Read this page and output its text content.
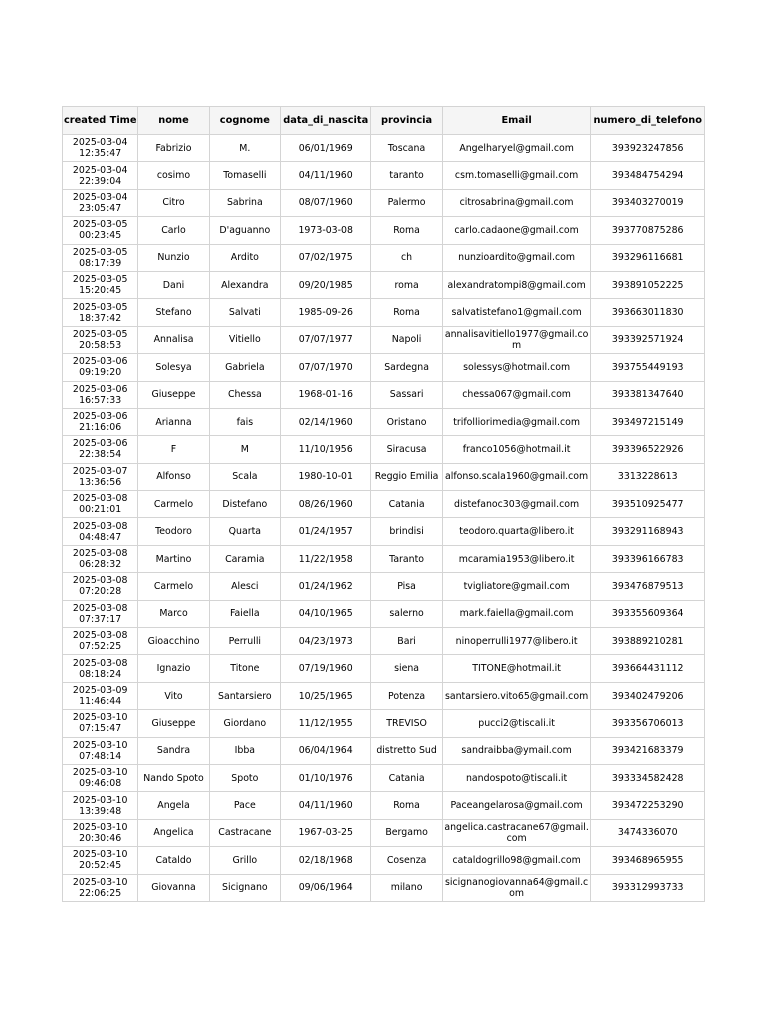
created Time	nome	cognome	data_di_nascita	provincia	Email	numero_di_telefono
2025-03-04 12:35:47	Fabrizio	M.	06/01/1969	Toscana	Angelharyel@gmail.com	393923247856
2025-03-04 22:39:04	cosimo	Tomaselli	04/11/1960	taranto	csm.tomaselli@gmail.com	393484754294
2025-03-04 23:05:47	Citro	Sabrina	08/07/1960	Palermo	citrosabrina@gmail.com	393403270019
2025-03-05 00:23:45	Carlo	D'aguanno	1973-03-08	Roma	carlo.cadaone@gmail.com	393770875286
2025-03-05 08:17:39	Nunzio	Ardito	07/02/1975	ch	nunzioardito@gmail.com	393296116681
2025-03-05 15:20:45	Dani	Alexandra	09/20/1985	roma	alexandratompi8@gmail.com	393891052225
2025-03-05 18:37:42	Stefano	Salvati	1985-09-26	Roma	salvatistefano1@gmail.com	393663011830
2025-03-05 20:58:53	Annalisa	Vitiello	07/07/1977	Napoli	annalisavitiello1977@gmail.com	393392571924
2025-03-06 09:19:20	Solesya	Gabriela	07/07/1970	Sardegna	solessys@hotmail.com	393755449193
2025-03-06 16:57:33	Giuseppe	Chessa	1968-01-16	Sassari	chessa067@gmail.com	393381347640
2025-03-06 21:16:06	Arianna	fais	02/14/1960	Oristano	trifolliorimedia@gmail.com	393497215149
2025-03-06 22:38:54	F	M	11/10/1956	Siracusa	franco1056@hotmail.it	393396522926
2025-03-07 13:36:56	Alfonso	Scala	1980-10-01	Reggio Emilia	alfonso.scala1960@gmail.com	3313228613
2025-03-08 00:21:01	Carmelo	Distefano	08/26/1960	Catania	distefanoc303@gmail.com	393510925477
2025-03-08 04:48:47	Teodoro	Quarta	01/24/1957	brindisi	teodoro.quarta@libero.it	393291168943
2025-03-08 06:28:32	Martino	Caramia	11/22/1958	Taranto	mcaramia1953@libero.it	393396166783
2025-03-08 07:20:28	Carmelo	Alesci	01/24/1962	Pisa	tvigliatore@gmail.com	393476879513
2025-03-08 07:37:17	Marco	Faiella	04/10/1965	salerno	mark.faiella@gmail.com	393355609364
2025-03-08 07:52:25	Gioacchino	Perrulli	04/23/1973	Bari	ninoperrulli1977@libero.it	393889210281
2025-03-08 08:18:24	Ignazio	Titone	07/19/1960	siena	TITONE@hotmail.it	393664431112
2025-03-09 11:46:44	Vito	Santarsiero	10/25/1965	Potenza	santarsiero.vito65@gmail.com	393402479206
2025-03-10 07:15:47	Giuseppe	Giordano	11/12/1955	TREVISO	pucci2@tiscali.it	393356706013
2025-03-10 07:48:14	Sandra	Ibba	06/04/1964	distretto Sud	sandraibba@ymail.com	393421683379
2025-03-10 09:46:08	Nando Spoto	Spoto	01/10/1976	Catania	nandospoto@tiscali.it	393334582428
2025-03-10 13:39:48	Angela	Pace	04/11/1960	Roma	Paceangelarosa@gmail.com	393472253290
2025-03-10 20:30:46	Angelica	Castracane	1967-03-25	Bergamo	angelica.castracane67@gmail.com	3474336070
2025-03-10 20:52:45	Cataldo	Grillo	02/18/1968	Cosenza	cataldogrillo98@gmail.com	393468965955
2025-03-10 22:06:25	Giovanna	Sicignano	09/06/1964	milano	sicignanogiovanna64@gmail.com	393312993733
